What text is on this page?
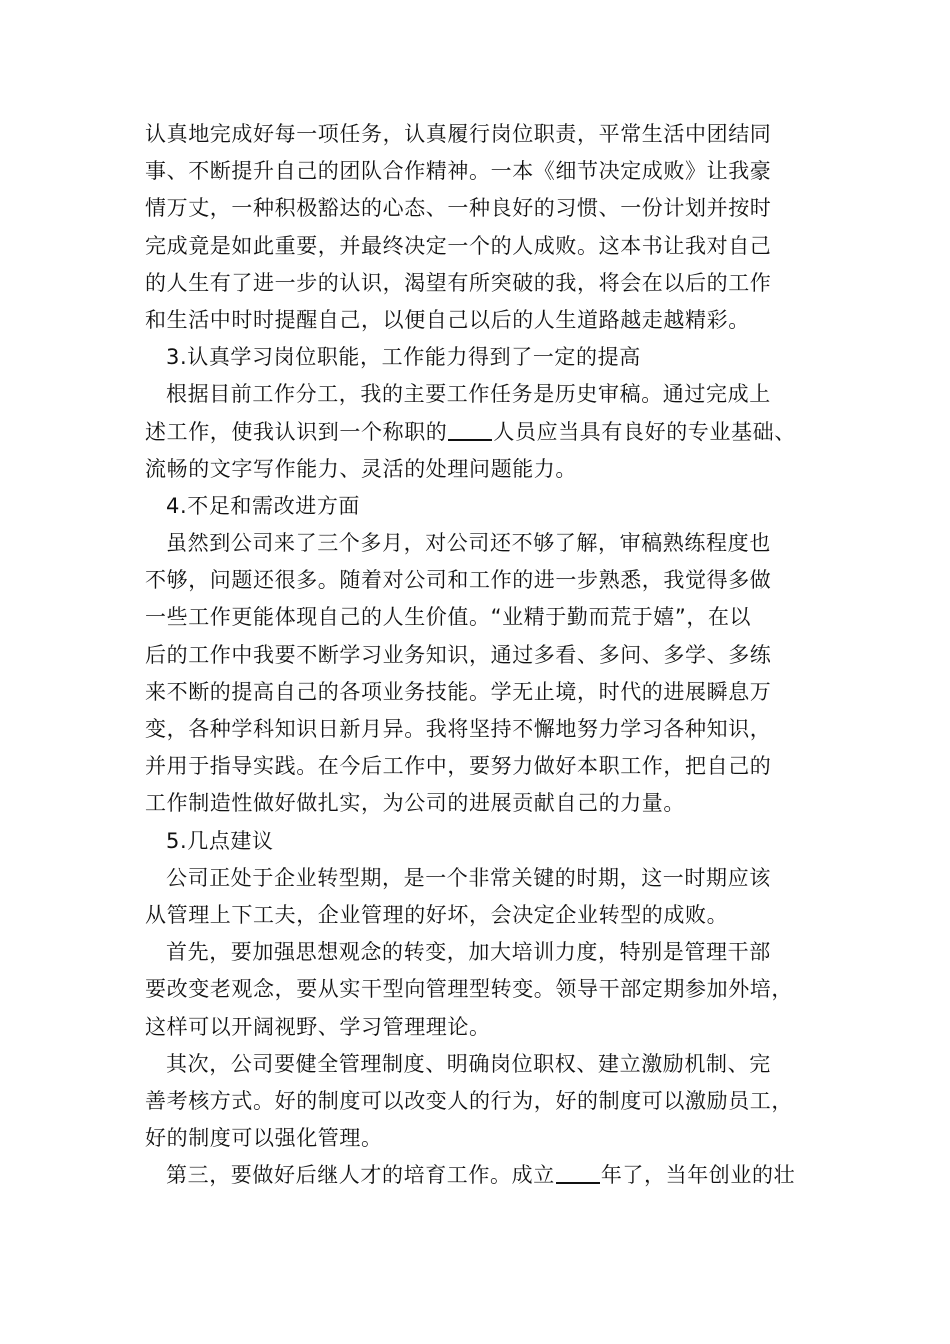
认真地完成好每一项任务，认真履行岗位职责，平常生活中团结同
事、不断提升自己的团队合作精神。一本《细节决定成败》让我豪
情万丈，一种积极豁达的心态、一种良好的习惯、一份计划并按时
完成竟是如此重要，并最终决定一个的人成败。这本书让我对自己
的人生有了进一步的认识，渴望有所突破的我，将会在以后的工作
和生活中时时提醒自己，以便自己以后的人生道路越走越精彩。
3.认真学习岗位职能，工作能力得到了一定的提高
根据目前工作分工，我的主要工作任务是历史审稿。通过完成上
述工作，使我认识到一个称职的 人员应当具有良好的专业基础、
流畅的文字写作能力、灵活的处理问题能力。
4.不足和需改进方面
虽然到公司来了三个多月，对公司还不够了解，审稿熟练程度也
不够，问题还很多。随着对公司和工作的进一步熟悉，我觉得多做
一些工作更能体现自己的人生价值。“业精于勤而荒于嬉”，在以
后的工作中我要不断学习业务知识，通过多看、多问、多学、多练
来不断的提高自己的各项业务技能。学无止境，时代的进展瞬息万
变，各种学科知识日新月异。我将坚持不懈地努力学习各种知识，
并用于指导实践。在今后工作中，要努力做好本职工作，把自己的
工作制造性做好做扎实，为公司的进展贡献自己的力量。
5.几点建议
公司正处于企业转型期，是一个非常关键的时期，这一时期应该
从管理上下工夫，企业管理的好坏，会决定企业转型的成败。
首先，要加强思想观念的转变，加大培训力度，特别是管理干部
要改变老观念，要从实干型向管理型转变。领导干部定期参加外培，
这样可以开阔视野、学习管理理论。
其次，公司要健全管理制度、明确岗位职权、建立激励机制、完
善考核方式。好的制度可以改变人的行为，好的制度可以激励员工，
好的制度可以强化管理。
第三，要做好后继人才的培育工作。成立 年了，当年创业的壮
